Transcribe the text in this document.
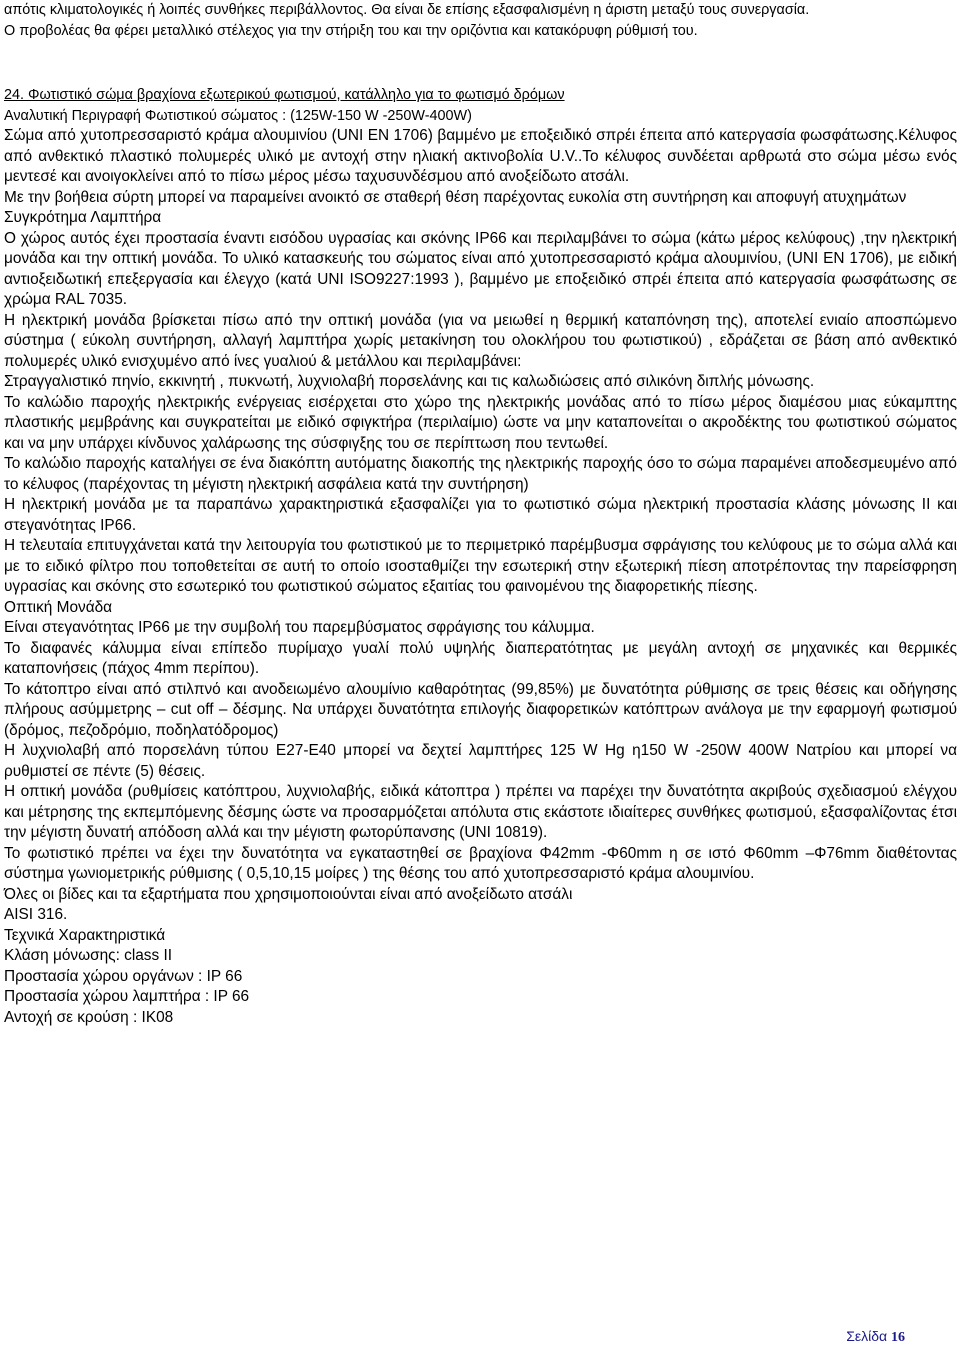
απότις κλιματολογικές ή λοιπές συνθήκες περιβάλλοντος. Θα είναι δε επίσης εξασφαλισμένη η άριστη μεταξύ τους συνεργασία.

Ο προβολέας θα φέρει μεταλλικό στέλεχος για την στήριξη του και την οριζόντια και κατακόρυφη ρύθμισή του.

24. Φωτιστικό σώμα βραχίονα εξωτερικού φωτισμού, κατάλληλο για το φωτισμό δρόμων

Αναλυτική Περιγραφή Φωτιστικού σώματος : (125W-150 W -250W-400W)

Σώμα από χυτοπρεσσαριστό κράμα αλουμινίου (UNI EN 1706) βαμμένο με εποξειδικό σπρέι έπειτα από κατεργασία φωσφάτωσης.Κέλυφος από ανθεκτικό πλαστικό πολυμερές υλικό με αντοχή στην ηλιακή ακτινοβολία U.V..Το κέλυφος συνδέεται αρθρωτά στο σώμα μέσω ενός μεντεσέ και ανοιγοκλείνει από το πίσω μέρος μέσω ταχυσυνδέσμου από ανοξείδωτο ατσάλι.

Με την βοήθεια σύρτη μπορεί να παραμείνει ανοικτό σε σταθερή θέση παρέχοντας ευκολία στη συντήρηση και αποφυγή ατυχημάτων

Συγκρότημα Λαμπτήρα

Ο χώρος αυτός έχει προστασία έναντι εισόδου υγρασίας και σκόνης IP66 και περιλαμβάνει το σώμα (κάτω μέρος κελύφους) ,την ηλεκτρική μονάδα και την οπτική μονάδα. Το υλικό κατασκευής του σώματος είναι από χυτοπρεσσαριστό κράμα αλουμινίου, (UNI EN 1706), με ειδική αντιοξειδωτική επεξεργασία και έλεγχο (κατά UNI ISO9227:1993 ), βαμμένο με εποξειδικό σπρέι έπειτα από κατεργασία φωσφάτωσης σε χρώμα RAL 7035.

Η ηλεκτρική μονάδα βρίσκεται πίσω από την οπτική μονάδα (για να μειωθεί η θερμική καταπόνηση της), αποτελεί ενιαίο αποσπώμενο σύστημα ( εύκολη συντήρηση, αλλαγή λαμπτήρα χωρίς μετακίνηση του ολοκλήρου του φωτιστικού) , εδράζεται σε βάση από ανθεκτικό πολυμερές υλικό ενισχυμένο από ίνες γυαλιού & μετάλλου και περιλαμβάνει:

Στραγγαλιστικό πηνίο, εκκινητή , πυκνωτή, λυχνιολαβή πορσελάνης και τις καλωδιώσεις από σιλικόνη διπλής μόνωσης.

Το καλώδιο παροχής ηλεκτρικής ενέργειας εισέρχεται στο χώρο της ηλεκτρικής μονάδας από το πίσω μέρος διαμέσου μιας εύκαμπτης πλαστικής μεμβράνης και συγκρατείται με ειδικό σφιγκτήρα (περιλαίμιο) ώστε να μην καταπονείται ο ακροδέκτης του φωτιστικού σώματος και να μην υπάρχει κίνδυνος χαλάρωσης της σύσφιγξης του σε περίπτωση που τεντωθεί.

Το καλώδιο παροχής καταλήγει σε ένα διακόπτη αυτόματης διακοπής της ηλεκτρικής παροχής όσο το σώμα παραμένει αποδεσμευμένο από το κέλυφος (παρέχοντας τη μέγιστη ηλεκτρική ασφάλεια κατά την συντήρηση)

Η ηλεκτρική μονάδα με τα παραπάνω χαρακτηριστικά εξασφαλίζει για το φωτιστικό σώμα ηλεκτρική προστασία κλάσης μόνωσης II και στεγανότητας IP66.

Η τελευταία επιτυγχάνεται κατά την λειτουργία του φωτιστικού με το περιμετρικό παρέμβυσμα σφράγισης του κελύφους με το σώμα αλλά και με το ειδικό φίλτρο που τοποθετείται σε αυτή το οποίο ισοσταθμίζει την εσωτερική στην εξωτερική πίεση αποτρέποντας την παρείσφρηση υγρασίας και σκόνης στο εσωτερικό του φωτιστικού σώματος εξαιτίας του φαινομένου της διαφορετικής πίεσης.

Οπτική Μονάδα

Είναι στεγανότητας IP66 με την συμβολή του παρεμβύσματος σφράγισης του κάλυμμα.

Το διαφανές κάλυμμα είναι επίπεδο πυρίμαχο γυαλί πολύ υψηλής διαπερατότητας με μεγάλη αντοχή σε μηχανικές και θερμικές καταπονήσεις (πάχος 4mm περίπου).

Το κάτοπτρο είναι από στιλπνό και ανοδειωμένο αλουμίνιο καθαρότητας (99,85%) με δυνατότητα ρύθμισης σε τρεις θέσεις και οδήγησης πλήρους ασύμμετρης – cut off – δέσμης. Να υπάρχει δυνατότητα επιλογής διαφορετικών κατόπτρων ανάλογα με την εφαρμογή φωτισμού (δρόμος, πεζοδρόμιο, ποδηλατόδρομος)

Η λυχνιολαβή από πορσελάνη τύπου Ε27-Ε40 μπορεί να δεχτεί λαμπτήρες 125 W Hg η150 W -250W 400W Νατρίου και μπορεί να ρυθμιστεί σε πέντε (5) θέσεις.

Η οπτική μονάδα (ρυθμίσεις κατόπτρου, λυχνιολαβής, ειδικά κάτοπτρα ) πρέπει να παρέχει την δυνατότητα ακριβούς σχεδιασμού ελέγχου και μέτρησης της εκπεμπόμενης δέσμης ώστε να προσαρμόζεται απόλυτα στις εκάστοτε ιδιαίτερες συνθήκες φωτισμού, εξασφαλίζοντας έτσι την μέγιστη δυνατή απόδοση αλλά και την μέγιστη φωτορύπανσης (UNI 10819).

Το φωτιστικό πρέπει να έχει την δυνατότητα να εγκαταστηθεί σε βραχίονα Φ42mm -Φ60mm η σε ιστό Φ60mm –Φ76mm διαθέτοντας σύστημα γωνιομετρικής ρύθμισης ( 0,5,10,15 μοίρες ) της θέσης του από χυτοπρεσσαριστό κράμα αλουμινίου.

Όλες οι βίδες και τα εξαρτήματα που χρησιμοποιούνται είναι από ανοξείδωτο ατσάλι

AISI 316.

Τεχνικά Χαρακτηριστικά

Κλάση μόνωσης: class II

Προστασία χώρου οργάνων : IP 66

Προστασία χώρου λαμπτήρα : IP 66

Αντοχή σε κρούση : IK08

Σελίδα 16
